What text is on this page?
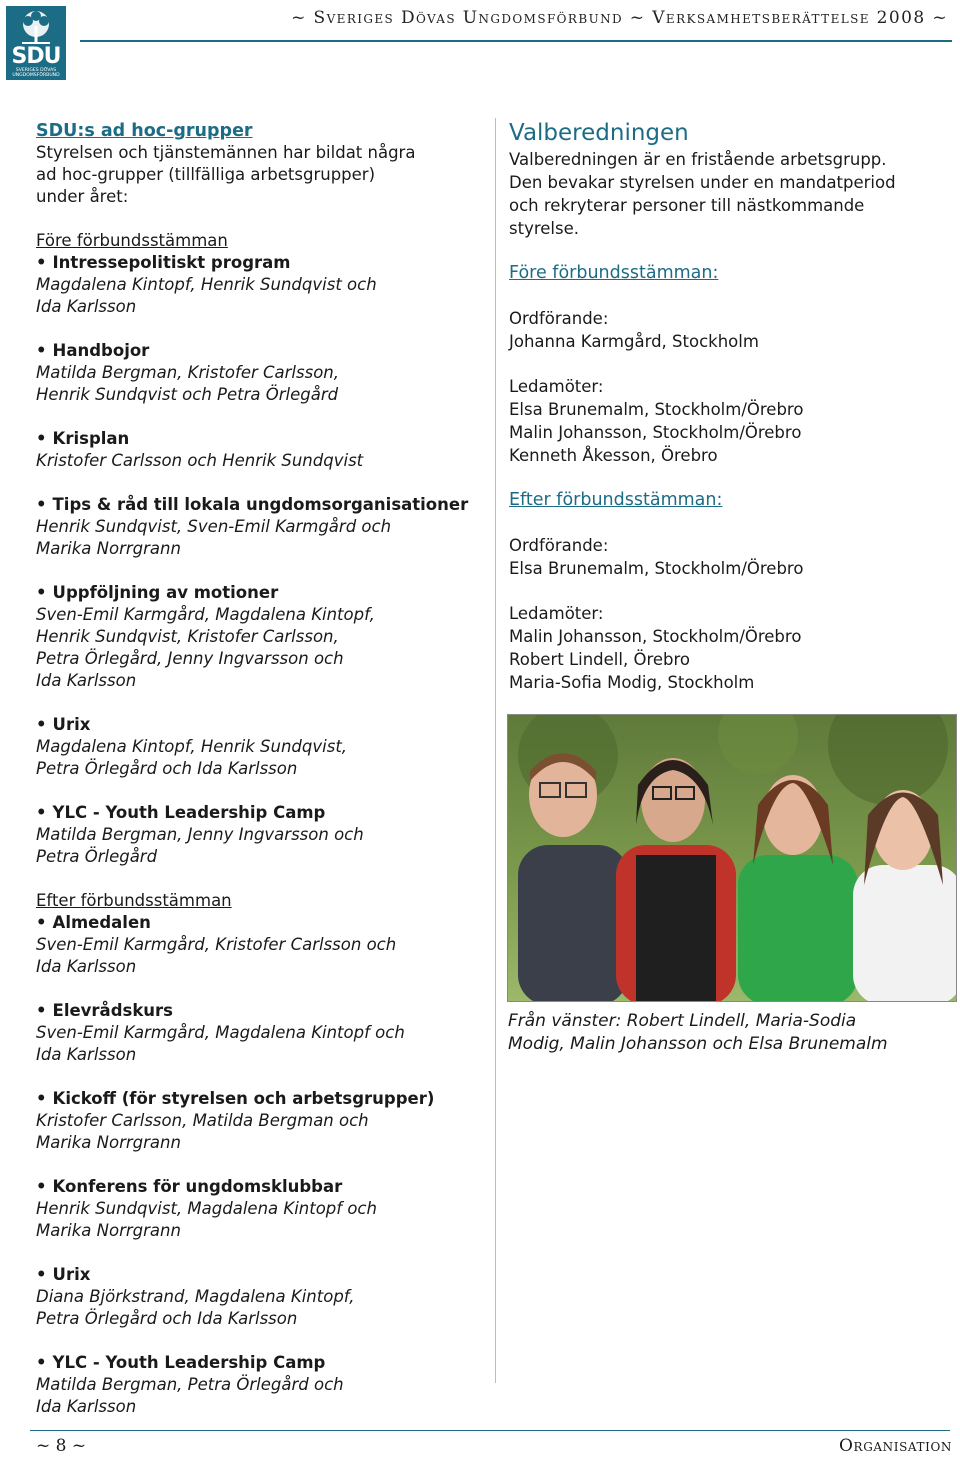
SDU
SVERIGES DÖVAS UNGDOMSFÖRBUND
~ Sveriges Dövas Ungdomsförbund ~ Verksamhetsberättelse 2008 ~
SDU:s ad hoc-grupper
Styrelsen och tjänstemännen har bildat några
ad hoc-grupper (tillfälliga arbetsgrupper)
under året:
Före förbundsstämman
• Intressepolitiskt program
Magdalena Kintopf, Henrik Sundqvist och
Ida Karlsson
• Handbojor
Matilda Bergman, Kristofer Carlsson,
Henrik Sundqvist och Petra Örlegård
• Krisplan
Kristofer Carlsson och Henrik Sundqvist
• Tips & råd till lokala ungdomsorganisationer
Henrik Sundqvist, Sven-Emil Karmgård och
Marika Norrgrann
• Uppföljning av motioner
Sven-Emil Karmgård, Magdalena Kintopf,
Henrik Sundqvist, Kristofer Carlsson,
Petra Örlegård, Jenny Ingvarsson och
Ida Karlsson
• Urix
Magdalena Kintopf, Henrik Sundqvist,
Petra Örlegård och Ida Karlsson
• YLC - Youth Leadership Camp
Matilda Bergman, Jenny Ingvarsson och
Petra Örlegård
Efter förbundsstämman
• Almedalen
Sven-Emil Karmgård, Kristofer Carlsson och
Ida Karlsson
• Elevrådskurs
Sven-Emil Karmgård, Magdalena Kintopf och
Ida Karlsson
• Kickoff (för styrelsen och arbetsgrupper)
Kristofer Carlsson, Matilda Bergman och
Marika Norrgrann
• Konferens för ungdomsklubbar
Henrik Sundqvist, Magdalena Kintopf och
Marika Norrgrann
• Urix
Diana Björkstrand, Magdalena Kintopf,
Petra Örlegård och Ida Karlsson
• YLC - Youth Leadership Camp
Matilda Bergman, Petra Örlegård och
Ida Karlsson
Valberedningen
Valberedningen är en fristående arbetsgrupp.
Den bevakar styrelsen under en mandatperiod
och rekryterar personer till nästkommande
styrelse.
Före förbundsstämman:
Ordförande:
Johanna Karmgård, Stockholm
Ledamöter:
Elsa Brunemalm, Stockholm/Örebro
Malin Johansson, Stockholm/Örebro
Kenneth Åkesson, Örebro
Efter förbundsstämman:
Ordförande:
Elsa Brunemalm, Stockholm/Örebro
Ledamöter:
Malin Johansson, Stockholm/Örebro
Robert Lindell, Örebro
Maria-Sofia Modig, Stockholm
Från vänster: Robert Lindell, Maria-Sodia
Modig, Malin Johansson och Elsa Brunemalm
~ 8 ~	Organisation
